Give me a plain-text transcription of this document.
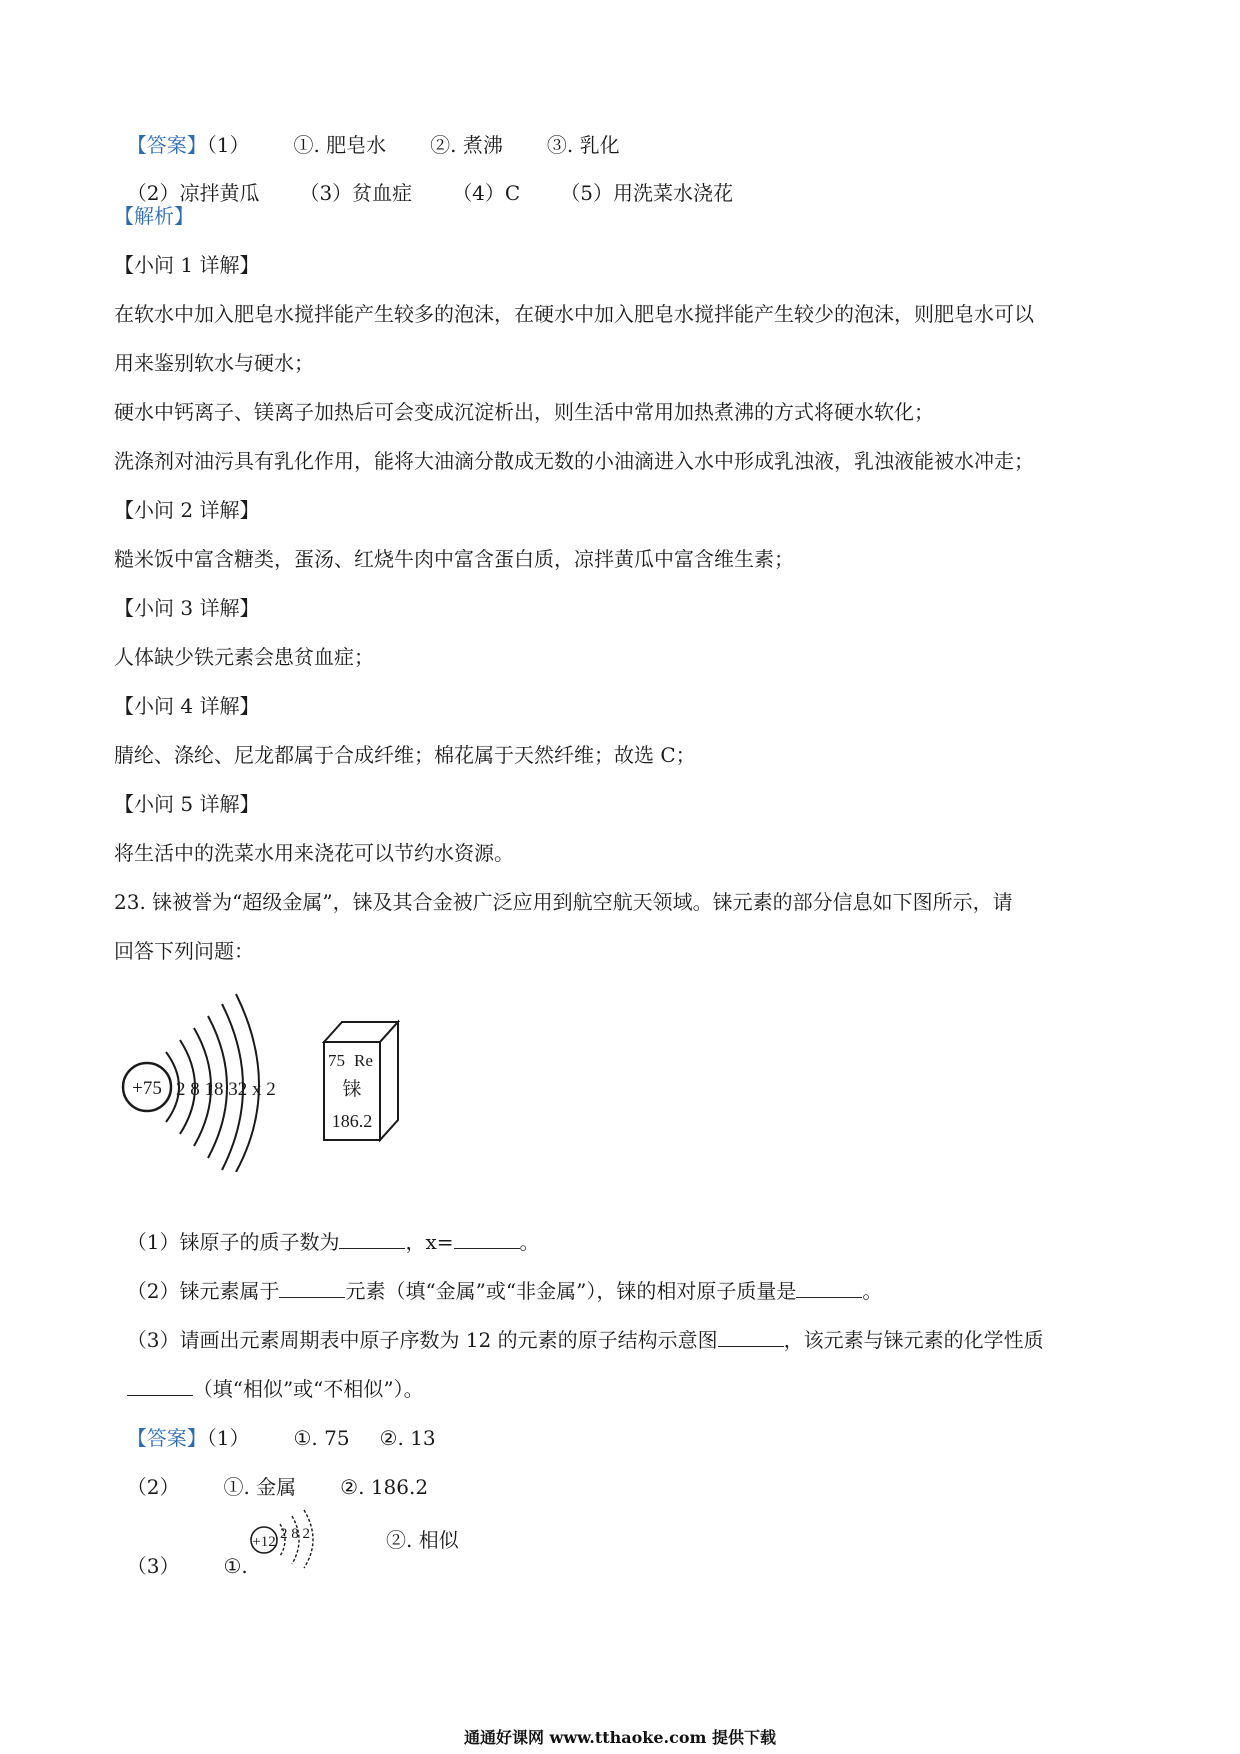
【答案】（1） ①. 肥皂水 ②. 煮沸 ③. 乳化

（2）凉拌黄瓜 （3）贫血症 （4）C （5）用洗菜水浇花

【解析】
【小问 1 详解】
在软水中加入肥皂水搅拌能产生较多的泡沫，在硬水中加入肥皂水搅拌能产生较少的泡沫，则肥皂水可以
用来鉴别软水与硬水；
硬水中钙离子、镁离子加热后可会变成沉淀析出，则生活中常用加热煮沸的方式将硬水软化；
洗涤剂对油污具有乳化作用，能将大油滴分散成无数的小油滴进入水中形成乳浊液，乳浊液能被水冲走；
【小问 2 详解】
糙米饭中富含糖类，蛋汤、红烧牛肉中富含蛋白质，凉拌黄瓜中富含维生素；
【小问 3 详解】
人体缺少铁元素会患贫血症；
【小问 4 详解】
腈纶、涤纶、尼龙都属于合成纤维；棉花属于天然纤维；故选 C；
【小问 5 详解】
将生活中的洗菜水用来浇花可以节约水资源。
23. 铼被誉为“超级金属”，铼及其合金被广泛应用到航空航天领域。铼元素的部分信息如下图所示，请
回答下列问题：
+75 2 8 18 32 x 2
75 Re
铼
186.2

（1）铼原子的质子数为	，x=	。

（2）铼元素属于	元素（填“金属”或“非金属”），铼的相对原子质量是	。

（3）请画出元素周期表中原子序数为 12 的元素的原子结构示意图	，该元素与铼元素的化学性质

（填“相似”或“不相似”）。

【答案】（1） ①. 75 ②. 13

（2） ①. 金属 ②. 186.2

（3） ①.

+12 2 8 2	②. 相似
通通好课网 www.tthaoke.com 提供下载
